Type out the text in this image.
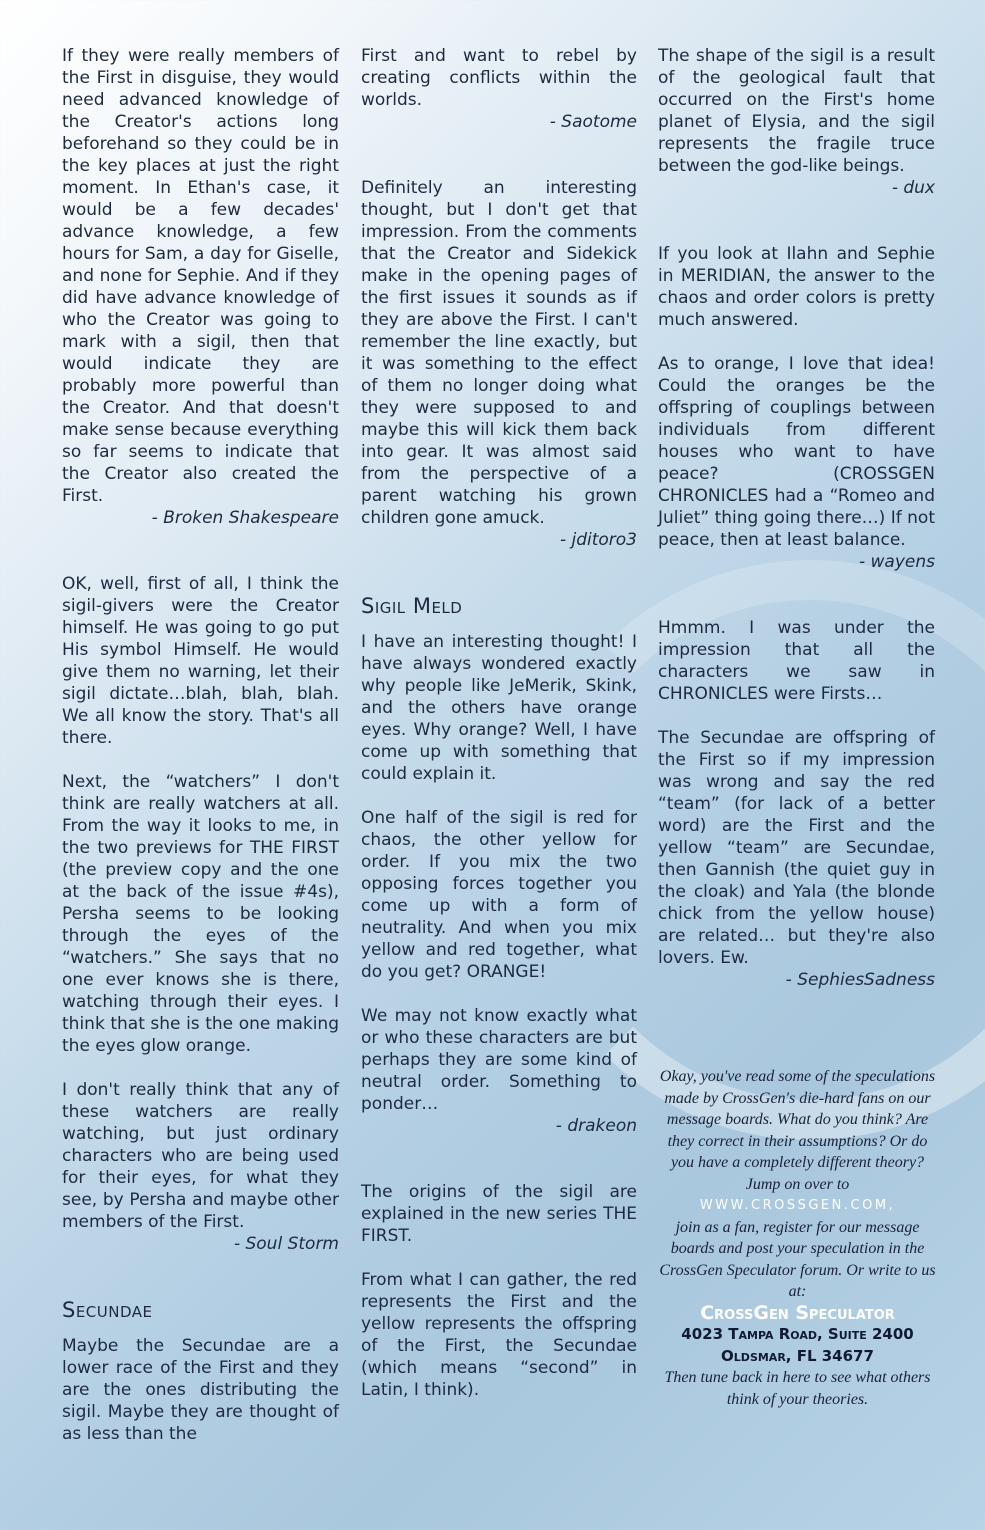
If they were really members of the First in disguise, they would need advanced knowledge of the Creator's actions long beforehand so they could be in the key places at just the right moment. In Ethan's case, it would be a few decades' advance knowledge, a few hours for Sam, a day for Giselle, and none for Sephie. And if they did have advance knowledge of who the Creator was going to mark with a sigil, then that would indicate they are probably more powerful than the Creator. And that doesn't make sense because everything so far seems to indicate that the Creator also created the First.

- Broken Shakespeare

OK, well, first of all, I think the sigil-givers were the Creator himself. He was going to go put His symbol Himself. He would give them no warning, let their sigil dictate…blah, blah, blah. We all know the story. That's all there.

Next, the “watchers” I don't think are really watchers at all. From the way it looks to me, in the two previews for THE FIRST (the preview copy and the one at the back of the issue #4s), Persha seems to be looking through the eyes of the “watchers.” She says that no one ever knows she is there, watching through their eyes. I think that she is the one making the eyes glow orange.

I don't really think that any of these watchers are really watching, but just ordinary characters who are being used for their eyes, for what they see, by Persha and maybe other members of the First.

- Soul Storm

Secundae

Maybe the Secundae are a lower race of the First and they are the ones distributing the sigil. Maybe they are thought of as less than the

First and want to rebel by creating conflicts within the worlds.

- Saotome

Definitely an interesting thought, but I don't get that impression. From the comments that the Creator and Sidekick make in the opening pages of the first issues it sounds as if they are above the First. I can't remember the line exactly, but it was something to the effect of them no longer doing what they were supposed to and maybe this will kick them back into gear. It was almost said from the perspective of a parent watching his grown children gone amuck.

- jditoro3

Sigil Meld

I have an interesting thought! I have always wondered exactly why people like JeMerik, Skink, and the others have orange eyes. Why orange? Well, I have come up with something that could explain it.

One half of the sigil is red for chaos, the other yellow for order. If you mix the two opposing forces together you come up with a form of neutrality. And when you mix yellow and red together, what do you get? ORANGE!

We may not know exactly what or who these characters are but perhaps they are some kind of neutral order. Something to ponder…

- drakeon

The origins of the sigil are explained in the new series THE FIRST.

From what I can gather, the red represents the First and the yellow represents the offspring of the First, the Secundae (which means “second” in Latin, I think).

The shape of the sigil is a result of the geological fault that occurred on the First's home planet of Elysia, and the sigil represents the fragile truce between the god-like beings.

- dux

If you look at Ilahn and Sephie in MERIDIAN, the answer to the chaos and order colors is pretty much answered.

As to orange, I love that idea! Could the oranges be the offspring of couplings between individuals from different houses who want to have peace? (CROSSGEN CHRONICLES had a “Romeo and Juliet” thing going there…) If not peace, then at least balance.

- wayens

Hmmm. I was under the impression that all the characters we saw in CHRONICLES were Firsts…

The Secundae are offspring of the First so if my impression was wrong and say the red “team” (for lack of a better word) are the First and the yellow “team” are Secundae, then Gannish (the quiet guy in the cloak) and Yala (the blonde chick from the yellow house) are related… but they're also lovers. Ew.

- SephiesSadness

Okay, you've read some of the speculations made by CrossGen's die-hard fans on our message boards. What do you think? Are they correct in their assumptions? Or do you have a completely different theory? Jump on over to
WWW.CROSSGEN.COM,
join as a fan, register for our message boards and post your speculation in the CrossGen Speculator forum. Or write to us at:
CrossGen Speculator
4023 Tampa Road, Suite 2400
Oldsmar, FL 34677
Then tune back in here to see what others think of your theories.
